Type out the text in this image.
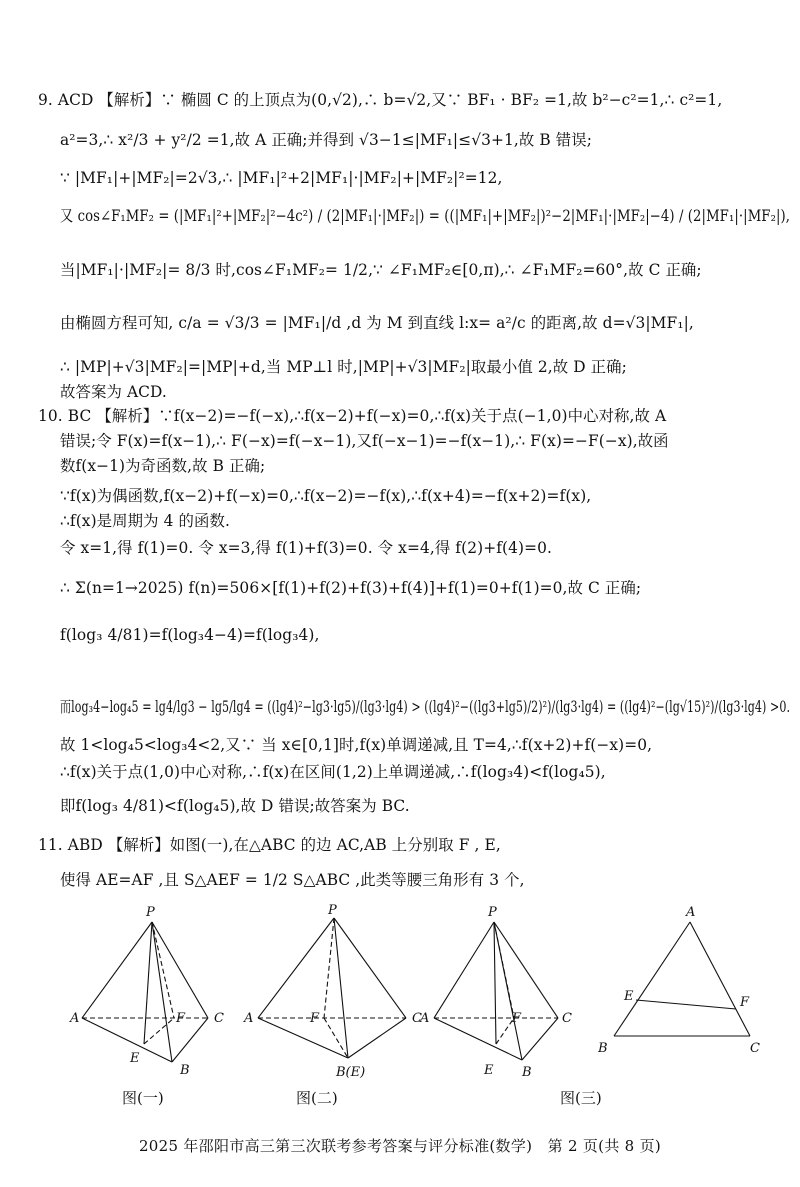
9. ACD 【解析】∵ 椭圆 C 的上顶点为(0,√2),∴ b=√2,又∵ BF₁ · BF₂ =1,故 b²−c²=1,∴ c²=1,
a²=3,∴ x²/3 + y²/2 =1,故 A 正确;并得到 √3−1≤|MF₁|≤√3+1,故 B 错误;
∵ |MF₁|+|MF₂|=2√3,∴ |MF₁|²+2|MF₁|·|MF₂|+|MF₂|²=12,
又 cos∠F₁MF₂ = (|MF₁|²+|MF₂|²−4c²) / (2|MF₁|·|MF₂|) = ((|MF₁|+|MF₂|)²−2|MF₁|·|MF₂|−4) / (2|MF₁|·|MF₂|),
当|MF₁|·|MF₂|= 8/3 时,cos∠F₁MF₂= 1/2,∵ ∠F₁MF₂∈[0,π),∴ ∠F₁MF₂=60°,故 C 正确;
由椭圆方程可知, c/a = √3/3 = |MF₁|/d ,d 为 M 到直线 l:x= a²/c 的距离,故 d=√3|MF₁|,
∴ |MP|+√3|MF₂|=|MP|+d,当 MP⊥l 时,|MP|+√3|MF₂|取最小值 2,故 D 正确;
故答案为 ACD.
10. BC 【解析】∵f(x−2)=−f(−x),∴f(x−2)+f(−x)=0,∴f(x)关于点(−1,0)中心对称,故 A
错误;令 F(x)=f(x−1),∴ F(−x)=f(−x−1),又f(−x−1)=−f(x−1),∴ F(x)=−F(−x),故函
数f(x−1)为奇函数,故 B 正确;
∵f(x)为偶函数,f(x−2)+f(−x)=0,∴f(x−2)=−f(x),∴f(x+4)=−f(x+2)=f(x),
∴f(x)是周期为 4 的函数.
令 x=1,得 f(1)=0. 令 x=3,得 f(1)+f(3)=0. 令 x=4,得 f(2)+f(4)=0.
∴ Σ(n=1→2025) f(n)=506×[f(1)+f(2)+f(3)+f(4)]+f(1)=0+f(1)=0,故 C 正确;
f(log₃ 4/81)=f(log₃4−4)=f(log₃4),
而log₃4−log₄5 = lg4/lg3 − lg5/lg4 = ((lg4)²−lg3·lg5)/(lg3·lg4) > ((lg4)²−((lg3+lg5)/2)²)/(lg3·lg4) = ((lg4)²−(lg√15)²)/(lg3·lg4) >0.
故 1<log₄5<log₃4<2,又∵ 当 x∈[0,1]时,f(x)单调递减,且 T=4,∴f(x+2)+f(−x)=0,
∴f(x)关于点(1,0)中心对称,∴f(x)在区间(1,2)上单调递减,∴f(log₃4)<f(log₄5),
即f(log₃ 4/81)<f(log₄5),故 D 错误;故答案为 BC.
11. ABD 【解析】如图(一),在△ABC 的边 AC,AB 上分别取 F , E,
使得 AE=AF ,且 S△AEF = 1/2 S△ABC ,此类等腰三角形有 3 个,
P
A	C
F
E
B
图(一)
P
A	C
F
B(E)
图(二)
P
A	C
F
E B
A
E	F
B	C
图(三)
2025 年邵阳市高三第三次联考参考答案与评分标准(数学)　第 2 页(共 8 页)
